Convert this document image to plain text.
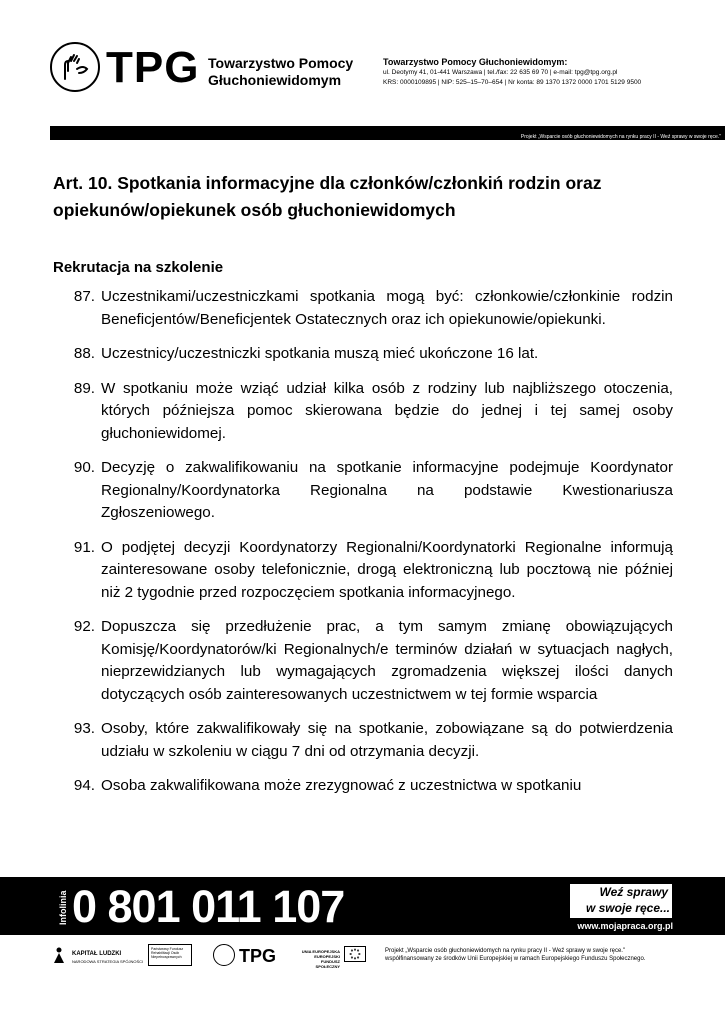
TPG Towarzystwo Pomocy
Głuchoniewidomym
Towarzystwo Pomocy Głuchoniewidomym:
ul. Deotymy 41, 01-441 Warszawa | tel./fax: 22 635 69 70 | e-mail: tpg@tpg.org.pl
KRS: 0000109895 | NIP: 525–15–70–654 | Nr konta: 89 1370 1372 0000 1701 5129 9500
Projekt „Wsparcie osób głuchoniewidomych na rynku pracy II - Weź sprawy w swoje ręce."
Art. 10. Spotkania informacyjne dla członków/członkiń rodzin oraz opiekunów/opiekunek osób głuchoniewidomych
Rekrutacja na szkolenie
87. Uczestnikami/uczestniczkami spotkania mogą być: członkowie/członkinie rodzin Beneficjentów/Beneficjentek Ostatecznych oraz ich opiekunowie/opiekunki.
88. Uczestnicy/uczestniczki spotkania muszą mieć ukończone 16 lat.
89. W spotkaniu może wziąć udział kilka osób z rodziny lub najbliższego otoczenia, których późniejsza pomoc skierowana będzie do jednej i tej samej osoby głuchoniewidomej.
90. Decyzję o zakwalifikowaniu na spotkanie informacyjne podejmuje Koordynator Regionalny/Koordynatorka Regionalna na podstawie Kwestionariusza Zgłoszeniowego.
91. O podjętej decyzji Koordynatorzy Regionalni/Koordynatorki Regionalne informują zainteresowane osoby telefonicznie, drogą elektroniczną lub pocztową nie później niż 2 tygodnie przed rozpoczęciem spotkania informacyjnego.
92. Dopuszcza się przedłużenie prac, a tym samym zmianę obowiązujących Komisję/Koordynatorów/ki Regionalnych/e terminów działań w sytuacjach nagłych, nieprzewidzianych lub wymagających zgromadzenia większej ilości danych dotyczących osób zainteresowanych uczestnictwem w tej formie wsparcia
93. Osoby, które zakwalifikowały się na spotkanie, zobowiązane są do potwierdzenia udziału w szkoleniu w ciągu 7 dni od otrzymania decyzji.
94. Osoba zakwalifikowana może zrezygnować z uczestnictwa w spotkaniu
Infolinia 0 801 011 107	Weź sprawy
w swoje ręce...
www.mojapraca.org.pl
KAPITAŁ LUDZKI
NARODOWA STRATEGIA SPÓJNOŚCI
Państwowy Fundusz Rehabilitacji Osób Niepełnosprawnych	TPG	UNIA EUROPEJSKA EUROPEJSKI FUNDUSZ SPOŁECZNY
Projekt „Wsparcie osób głuchoniewidomych na rynku pracy II - Weź sprawy w swoje ręce."
współfinansowany ze środków Unii Europejskiej w ramach Europejskiego Funduszu Społecznego.
